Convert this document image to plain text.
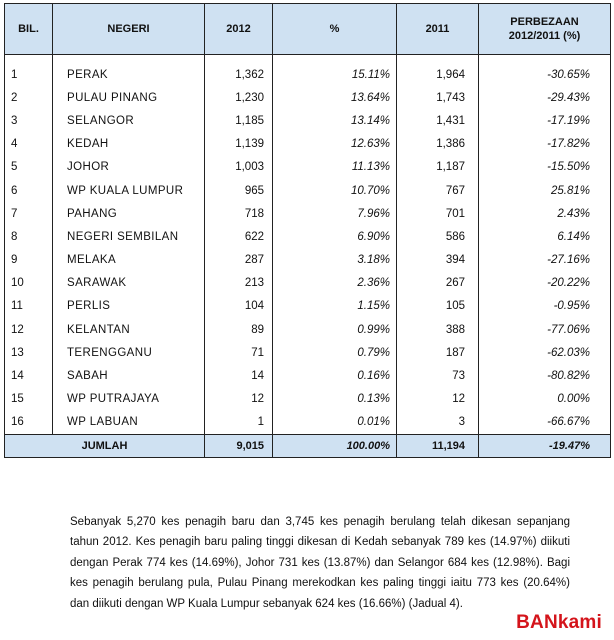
BIL.	NEGERI	2012	%	2011	PERBEZAAN
2012/2011 (%)

1	PERAK	1,362	15.11%	1,964	-30.65%
2	PULAU PINANG	1,230	13.64%	1,743	-29.43%
3	SELANGOR	1,185	13.14%	1,431	-17.19%
4	KEDAH	1,139	12.63%	1,386	-17.82%
5	JOHOR	1,003	11.13%	1,187	-15.50%
6	WP KUALA LUMPUR	965	10.70%	767	25.81%
7	PAHANG	718	7.96%	701	2.43%
8	NEGERI SEMBILAN	622	6.90%	586	6.14%
9	MELAKA	287	3.18%	394	-27.16%
10	SARAWAK	213	2.36%	267	-20.22%
11	PERLIS	104	1.15%	105	-0.95%
12	KELANTAN	89	0.99%	388	-77.06%
13	TERENGGANU	71	0.79%	187	-62.03%
14	SABAH	14	0.16%	73	-80.82%
15	WP PUTRAJAYA	12	0.13%	12	0.00%
16	WP LABUAN	1	0.01%	3	-66.67%
JUMLAH		9,015	100.00%	11,194	-19.47%

Sebanyak 5,270 kes penagih baru dan 3,745 kes penagih berulang telah dikesan sepanjang tahun 2012. Kes penagih baru paling tinggi dikesan di Kedah sebanyak 789 kes (14.97%) diikuti dengan Perak 774 kes (14.69%), Johor 731 kes (13.87%) dan Selangor 684 kes (12.98%). Bagi kes penagih berulang pula, Pulau Pinang merekodkan kes paling tinggi iaitu 773 kes (20.64%) dan diikuti dengan WP Kuala Lumpur sebanyak 624 kes (16.66%) (Jadual 4).

BANkami
